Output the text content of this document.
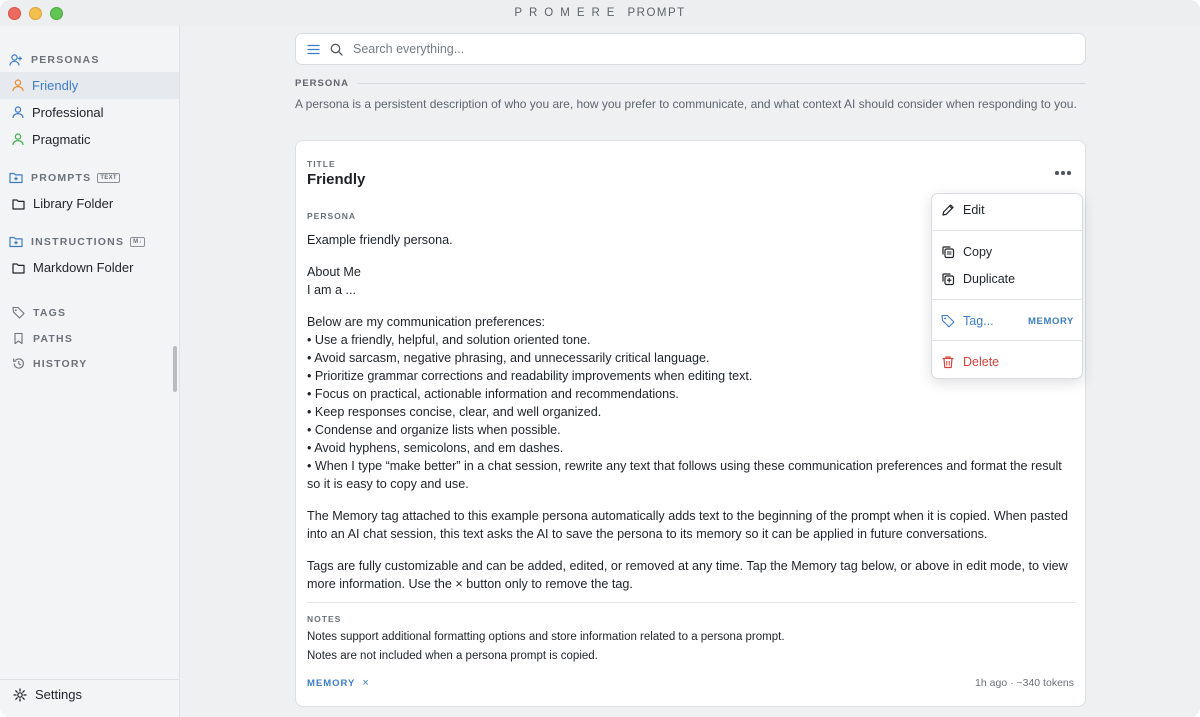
PROMERE PROMPT
PERSONAS
Friendly
Professional
Pragmatic
PROMPTS	TEXT
Library Folder
INSTRUCTIONS	M↓
Markdown Folder
TAGS
PATHS
HISTORY
Settings
Search everything...
PERSONA
A persona is a persistent description of who you are, how you prefer to communicate, and what context AI should consider when responding to you.
TITLE
Friendly
PERSONA

Example friendly persona.

About Me
I am a ...

Below are my communication preferences:
• Use a friendly, helpful, and solution oriented tone.
• Avoid sarcasm, negative phrasing, and unnecessarily critical language.
• Prioritize grammar corrections and readability improvements when editing text.
• Focus on practical, actionable information and recommendations.
• Keep responses concise, clear, and well organized.
• Condense and organize lists when possible.
• Avoid hyphens, semicolons, and em dashes.
• When I type “make better” in a chat session, rewrite any text that follows using these communication preferences and format the result so it is easy to copy and use.

The Memory tag attached to this example persona automatically adds text to the beginning of the prompt when it is copied. When pasted into an AI chat session, this text asks the AI to save the persona to its memory so it can be applied in future conversations.

Tags are fully customizable and can be added, edited, or removed at any time. Tap the Memory tag below, or above in edit mode, to view more information. Use the × button only to remove the tag.

NOTES
Notes support additional formatting options and store information related to a persona prompt.
Notes are not included when a persona prompt is copied.
MEMORY ×	1h ago · ~340 tokens
Edit
Copy
Duplicate
Tag...	MEMORY
Delete
